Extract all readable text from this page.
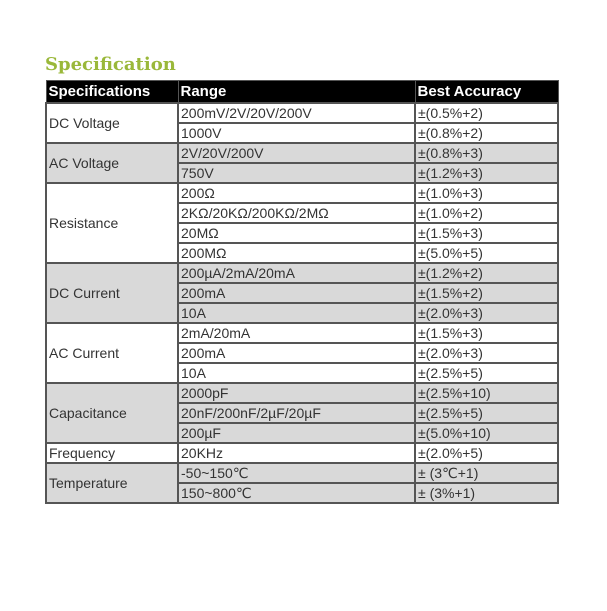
Specification
Specifications	Range	Best Accuracy
DC Voltage	200mV/2V/20V/200V	±(0.5%+2)
	1000V	±(0.8%+2)
AC Voltage	2V/20V/200V	±(0.8%+3)
	750V	±(1.2%+3)
Resistance	200Ω	±(1.0%+3)
	2KΩ/20KΩ/200KΩ/2MΩ	±(1.0%+2)
	20MΩ	±(1.5%+3)
	200MΩ	±(5.0%+5)
DC Current	200µA/2mA/20mA	±(1.2%+2)
	200mA	±(1.5%+2)
	10A	±(2.0%+3)
AC Current	2mA/20mA	±(1.5%+3)
	200mA	±(2.0%+3)
	10A	±(2.5%+5)
Capacitance	2000pF	±(2.5%+10)
	20nF/200nF/2µF/20µF	±(2.5%+5)
	200µF	±(5.0%+10)
Frequency	20KHz	±(2.0%+5)
Temperature	-50~150℃	± (3℃+1)
	150~800℃	± (3%+1)
